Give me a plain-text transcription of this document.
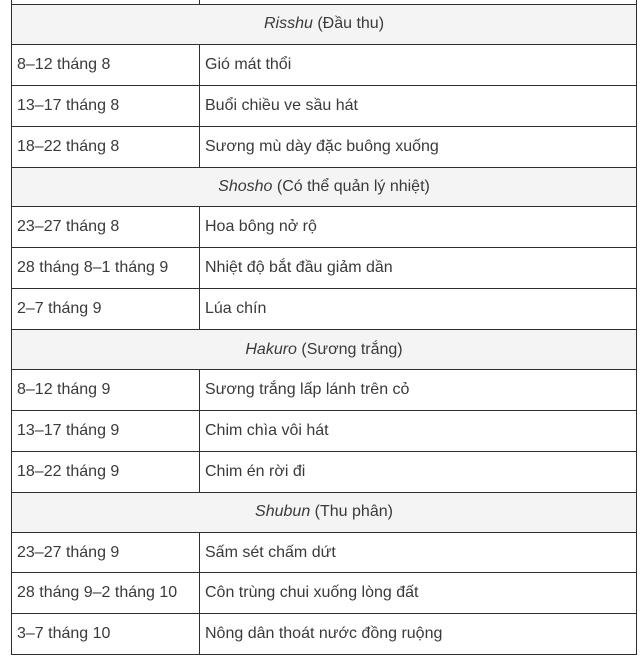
Risshu (Đầu thu)	
8–12 tháng 8	Gió mát thổi
13–17 tháng 8	Buổi chiều ve sầu hát
18–22 tháng 8	Sương mù dày đặc buông xuống
Shosho (Có thể quản lý nhiệt)	
23–27 tháng 8	Hoa bông nở rộ
28 tháng 8–1 tháng 9	Nhiệt độ bắt đầu giảm dần
2–7 tháng 9	Lúa chín
Hakuro (Sương trắng)	
8–12 tháng 9	Sương trắng lấp lánh trên cỏ
13–17 tháng 9	Chim chìa vôi hát
18–22 tháng 9	Chim én rời đi
Shubun (Thu phân)	
23–27 tháng 9	Sấm sét chấm dứt
28 tháng 9–2 tháng 10	Côn trùng chui xuống lòng đất
3–7 tháng 10	Nông dân thoát nước đồng ruộng
